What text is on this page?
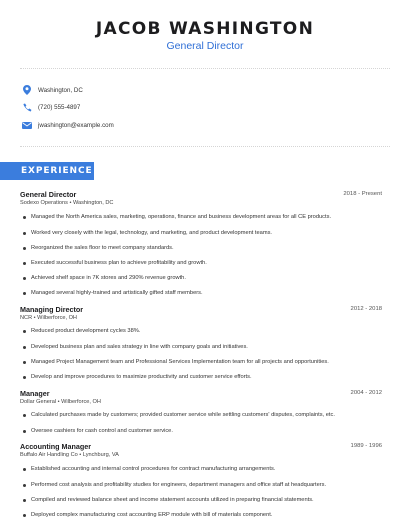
JACOB WASHINGTON
General Director
Washington, DC
(720) 555-4897
jwashington@example.com
EXPERIENCE
General Director	2018 - Present
Sodexo Operations • Washington, DC
Managed the North America sales, marketing, operations, finance and business development areas for all CE products.
Worked very closely with the legal, technology, and marketing, and product development teams.
Reorganized the sales floor to meet company standards.
Executed successful business plan to achieve profitability and growth.
Achieved shelf space in 7K stores and 290% revenue growth.
Managed several highly-trained and artistically gifted staff members.
Managing Director	2012 - 2018
NCR • Wilberforce, OH
Reduced product development cycles 38%.
Developed business plan and sales strategy in line with company goals and initiatives.
Managed Project Management team and Professional Services Implementation team for all projects and opportunities.
Develop and improve procedures to maximize productivity and customer service efforts.
Manager	2004 - 2012
Dollar General • Wilberforce, OH
Calculated purchases made by customers; provided customer service while settling customers' disputes, complaints, etc.
Oversee cashiers for cash control and customer service.
Accounting Manager	1989 - 1996
Buffalo Air Handling Co • Lynchburg, VA
Established accounting and internal control procedures for contract manufacturing arrangements.
Performed cost analysis and profitability studies for engineers, department managers and office staff at headquarters.
Compiled and reviewed balance sheet and income statement accounts utilized in preparing financial statements.
Deployed complex manufacturing cost accounting ERP module with bill of materials component.
